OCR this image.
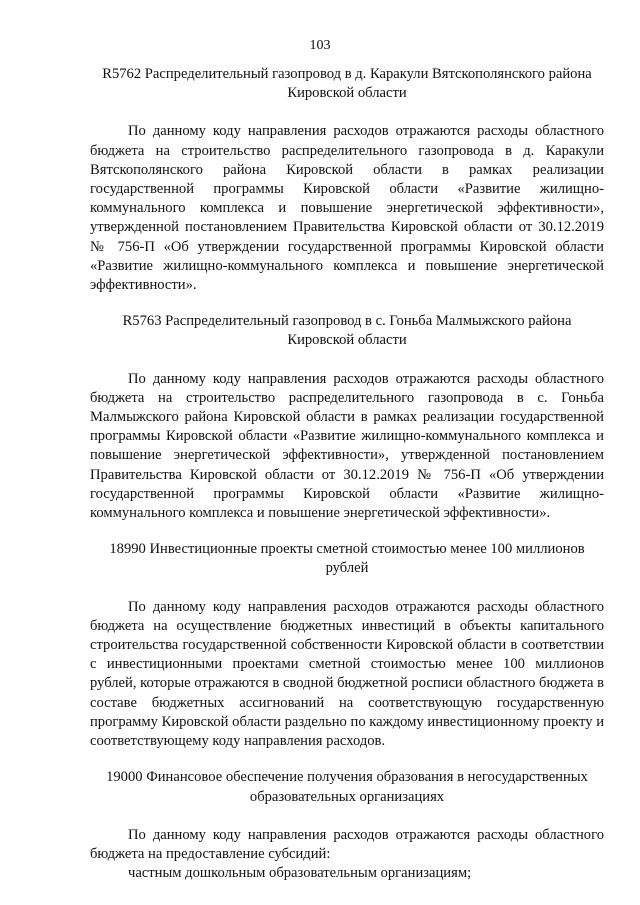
103
R5762 Распределительный газопровод в д. Каракули Вятскополянского района Кировской области

По данному коду направления расходов отражаются расходы областного бюджета на строительство распределительного газопровода в д. Каракули Вятскополянского района Кировской области в рамках реализации государственной программы Кировской области «Развитие жилищно-коммунального комплекса и повышение энергетической эффективности», утвержденной постановлением Правительства Кировской области от 30.12.2019 № 756-П «Об утверждении государственной программы Кировской области «Развитие жилищно-коммунального комплекса и повышение энергетической эффективности».

R5763 Распределительный газопровод в с. Гоньба Малмыжского района Кировской области

По данному коду направления расходов отражаются расходы областного бюджета на строительство распределительного газопровода в с. Гоньба Малмыжского района Кировской области в рамках реализации государственной программы Кировской области «Развитие жилищно-коммунального комплекса и повышение энергетической эффективности», утвержденной постановлением Правительства Кировской области от 30.12.2019 № 756-П «Об утверждении государственной программы Кировской области «Развитие жилищно-коммунального комплекса и повышение энергетической эффективности».

18990 Инвестиционные проекты сметной стоимостью менее 100 миллионов рублей

По данному коду направления расходов отражаются расходы областного бюджета на осуществление бюджетных инвестиций в объекты капитального строительства государственной собственности Кировской области в соответствии с инвестиционными проектами сметной стоимостью менее 100 миллионов рублей, которые отражаются в сводной бюджетной росписи областного бюджета в составе бюджетных ассигнований на соответствующую государственную программу Кировской области раздельно по каждому инвестиционному проекту и соответствующему коду направления расходов.

19000 Финансовое обеспечение получения образования в негосударственных образовательных организациях

По данному коду направления расходов отражаются расходы областного бюджета на предоставление субсидий:

частным дошкольным образовательным организациям;
